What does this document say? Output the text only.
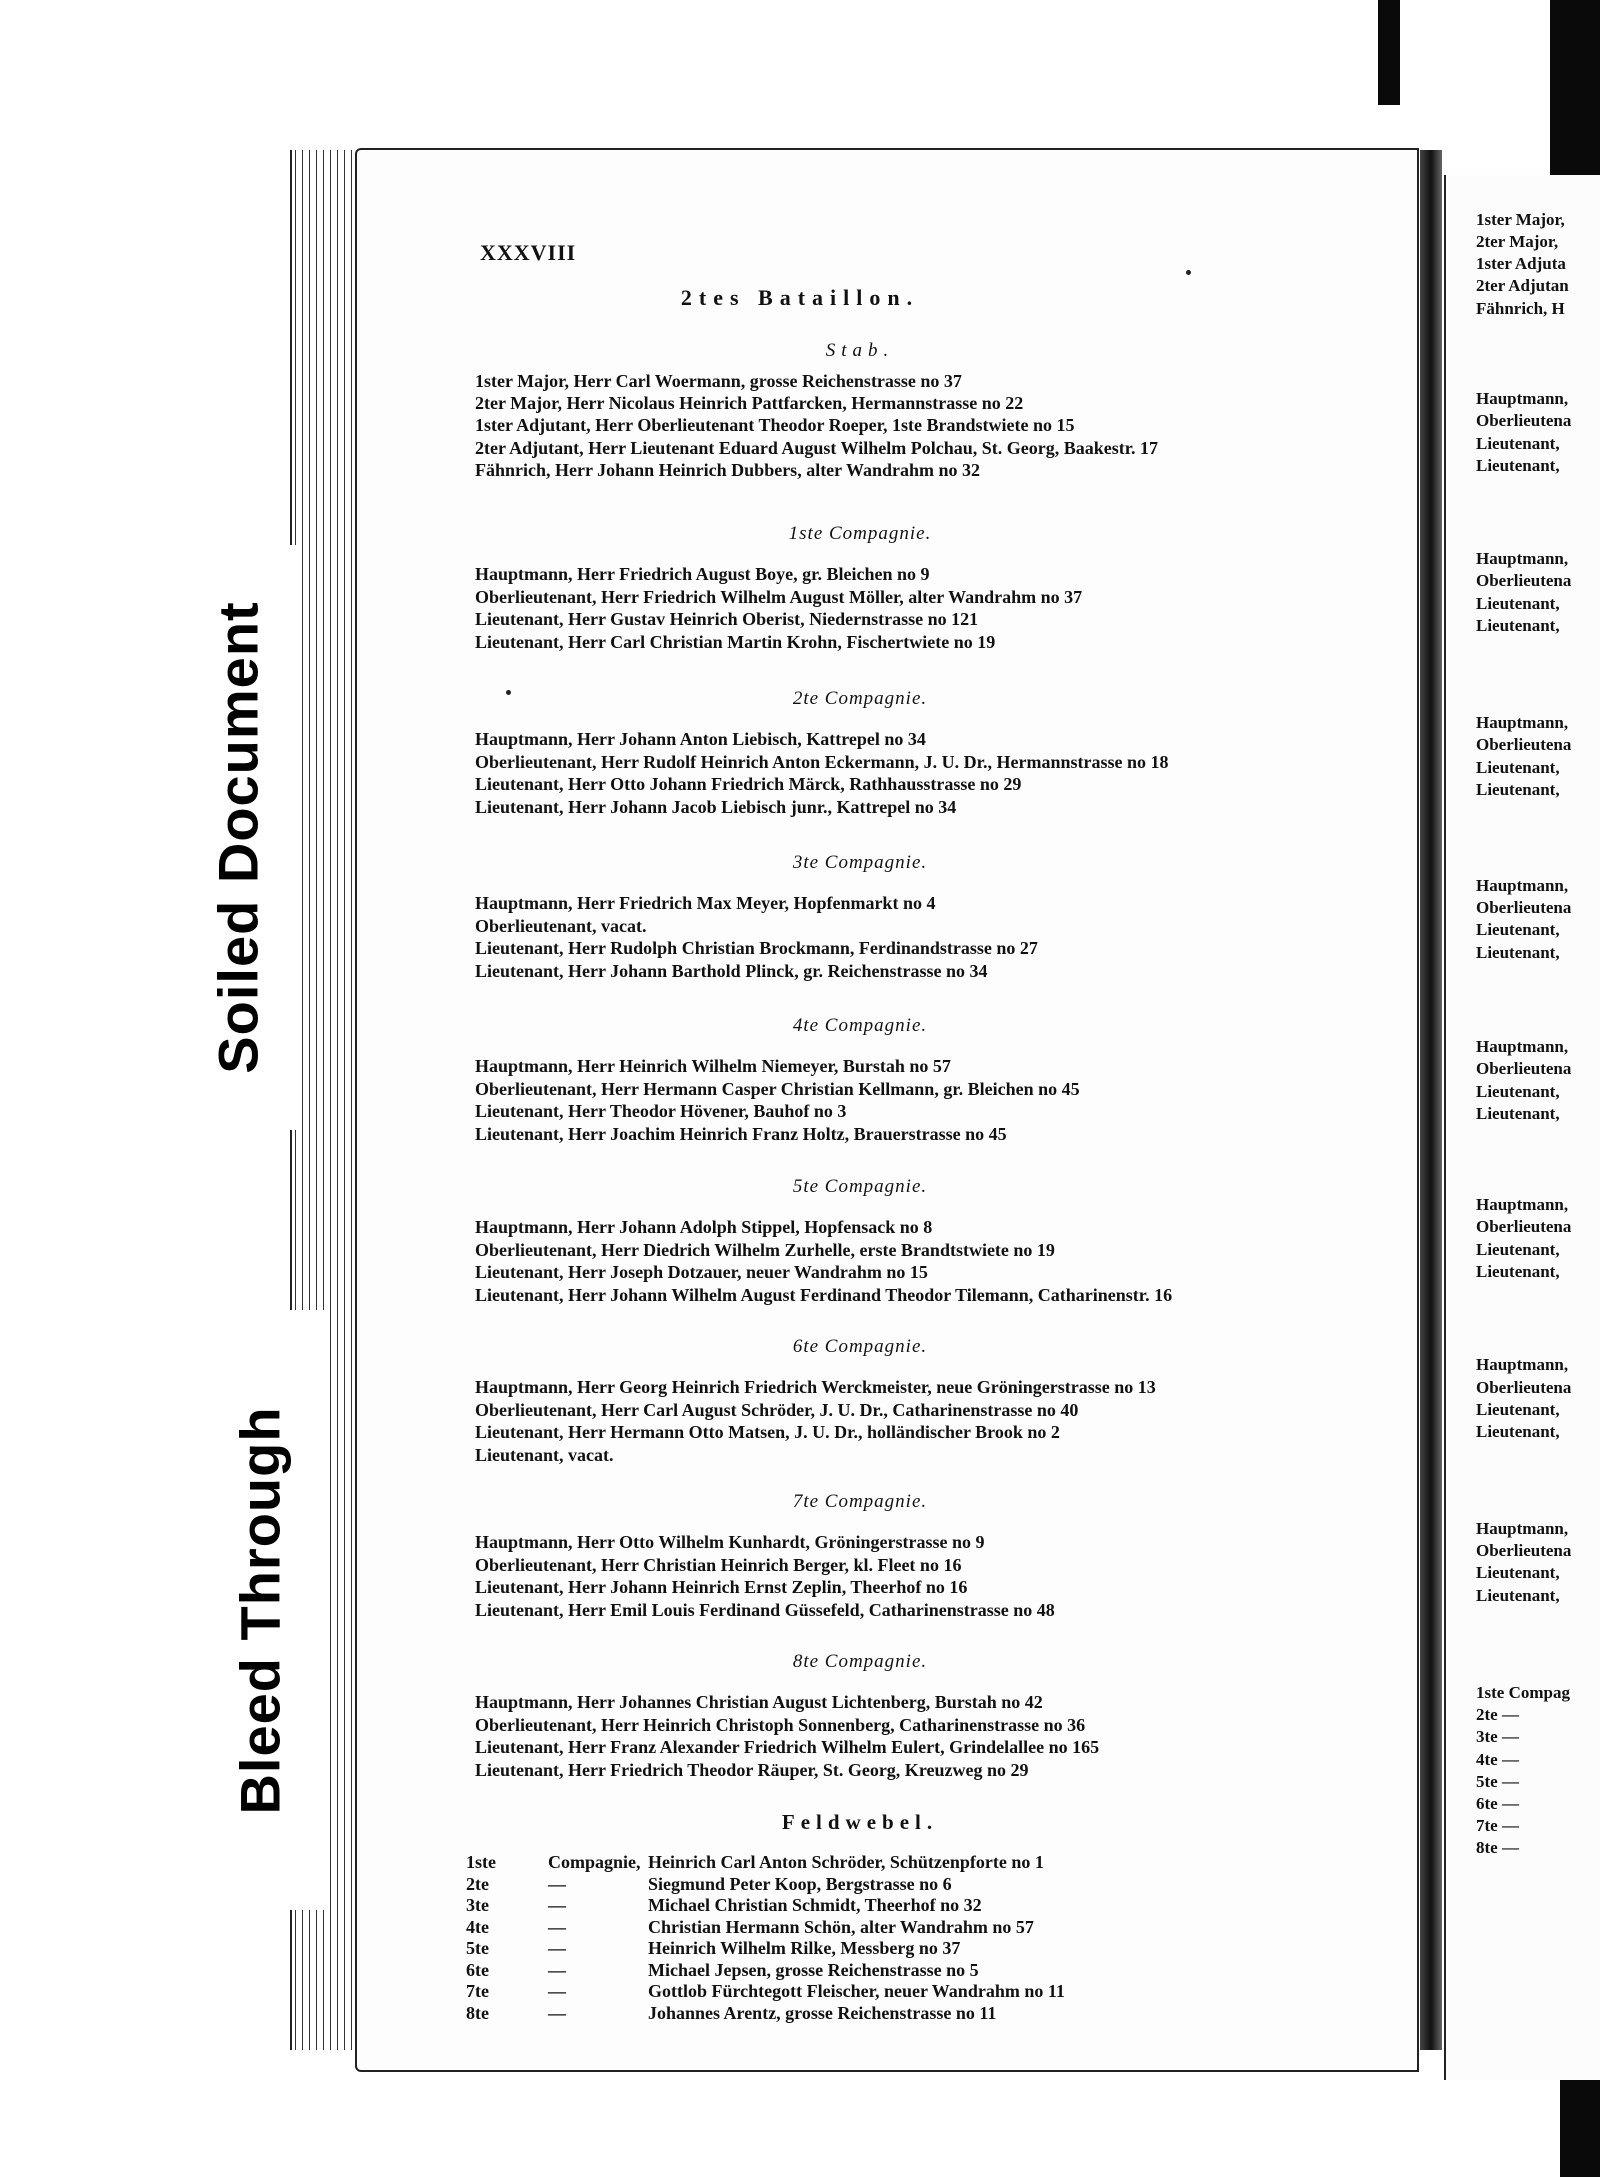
1ster Major,
2ter Major,
1ster Adjuta
2ter Adjutan
Fähnrich, H
Hauptmann,
Oberlieutena
Lieutenant,
Lieutenant,
Hauptmann,
Oberlieutena
Lieutenant,
Lieutenant,
Hauptmann,
Oberlieutena
Lieutenant,
Lieutenant,
Hauptmann,
Oberlieutena
Lieutenant,
Lieutenant,
Hauptmann,
Oberlieutena
Lieutenant,
Lieutenant,
Hauptmann,
Oberlieutena
Lieutenant,
Lieutenant,
Hauptmann,
Oberlieutena
Lieutenant,
Lieutenant,
Hauptmann,
Oberlieutena
Lieutenant,
Lieutenant,
1ste Compag
2te —
3te —
4te —
5te —
6te —
7te —
8te —
Soiled Document
Bleed Through
XXXVIII
2tes Bataillon.
Stab.
1ster Major, Herr Carl Woermann, grosse Reichenstrasse no 37
2ter Major, Herr Nicolaus Heinrich Pattfarcken, Hermannstrasse no 22
1ster Adjutant, Herr Oberlieutenant Theodor Roeper, 1ste Brandstwiete no 15
2ter Adjutant, Herr Lieutenant Eduard August Wilhelm Polchau, St. Georg, Baakestr. 17
Fähnrich, Herr Johann Heinrich Dubbers, alter Wandrahm no 32
1ste Compagnie.
Hauptmann, Herr Friedrich August Boye, gr. Bleichen no 9
Oberlieutenant, Herr Friedrich Wilhelm August Möller, alter Wandrahm no 37
Lieutenant, Herr Gustav Heinrich Oberist, Niedernstrasse no 121
Lieutenant, Herr Carl Christian Martin Krohn, Fischertwiete no 19
2te Compagnie.
Hauptmann, Herr Johann Anton Liebisch, Kattrepel no 34
Oberlieutenant, Herr Rudolf Heinrich Anton Eckermann, J. U. Dr., Hermannstrasse no 18
Lieutenant, Herr Otto Johann Friedrich Märck, Rathhausstrasse no 29
Lieutenant, Herr Johann Jacob Liebisch junr., Kattrepel no 34
3te Compagnie.
Hauptmann, Herr Friedrich Max Meyer, Hopfenmarkt no 4
Oberlieutenant, vacat.
Lieutenant, Herr Rudolph Christian Brockmann, Ferdinandstrasse no 27
Lieutenant, Herr Johann Barthold Plinck, gr. Reichenstrasse no 34
4te Compagnie.
Hauptmann, Herr Heinrich Wilhelm Niemeyer, Burstah no 57
Oberlieutenant, Herr Hermann Casper Christian Kellmann, gr. Bleichen no 45
Lieutenant, Herr Theodor Hövener, Bauhof no 3
Lieutenant, Herr Joachim Heinrich Franz Holtz, Brauerstrasse no 45
5te Compagnie.
Hauptmann, Herr Johann Adolph Stippel, Hopfensack no 8
Oberlieutenant, Herr Diedrich Wilhelm Zurhelle, erste Brandtstwiete no 19
Lieutenant, Herr Joseph Dotzauer, neuer Wandrahm no 15
Lieutenant, Herr Johann Wilhelm August Ferdinand Theodor Tilemann, Catharinenstr. 16
6te Compagnie.
Hauptmann, Herr Georg Heinrich Friedrich Werckmeister, neue Gröningerstrasse no 13
Oberlieutenant, Herr Carl August Schröder, J. U. Dr., Catharinenstrasse no 40
Lieutenant, Herr Hermann Otto Matsen, J. U. Dr., holländischer Brook no 2
Lieutenant, vacat.
7te Compagnie.
Hauptmann, Herr Otto Wilhelm Kunhardt, Gröningerstrasse no 9
Oberlieutenant, Herr Christian Heinrich Berger, kl. Fleet no 16
Lieutenant, Herr Johann Heinrich Ernst Zeplin, Theerhof no 16
Lieutenant, Herr Emil Louis Ferdinand Güssefeld, Catharinenstrasse no 48
8te Compagnie.
Hauptmann, Herr Johannes Christian August Lichtenberg, Burstah no 42
Oberlieutenant, Herr Heinrich Christoph Sonnenberg, Catharinenstrasse no 36
Lieutenant, Herr Franz Alexander Friedrich Wilhelm Eulert, Grindelallee no 165
Lieutenant, Herr Friedrich Theodor Räuper, St. Georg, Kreuzweg no 29
Feldwebel.
1ste	Compagnie, Heinrich Carl Anton Schröder, Schützenpforte no 1
2te	—	Siegmund Peter Koop, Bergstrasse no 6
3te	—	Michael Christian Schmidt, Theerhof no 32
4te	—	Christian Hermann Schön, alter Wandrahm no 57
5te	—	Heinrich Wilhelm Rilke, Messberg no 37
6te	—	Michael Jepsen, grosse Reichenstrasse no 5
7te	—	Gottlob Fürchtegott Fleischer, neuer Wandrahm no 11
8te	—	Johannes Arentz, grosse Reichenstrasse no 11
